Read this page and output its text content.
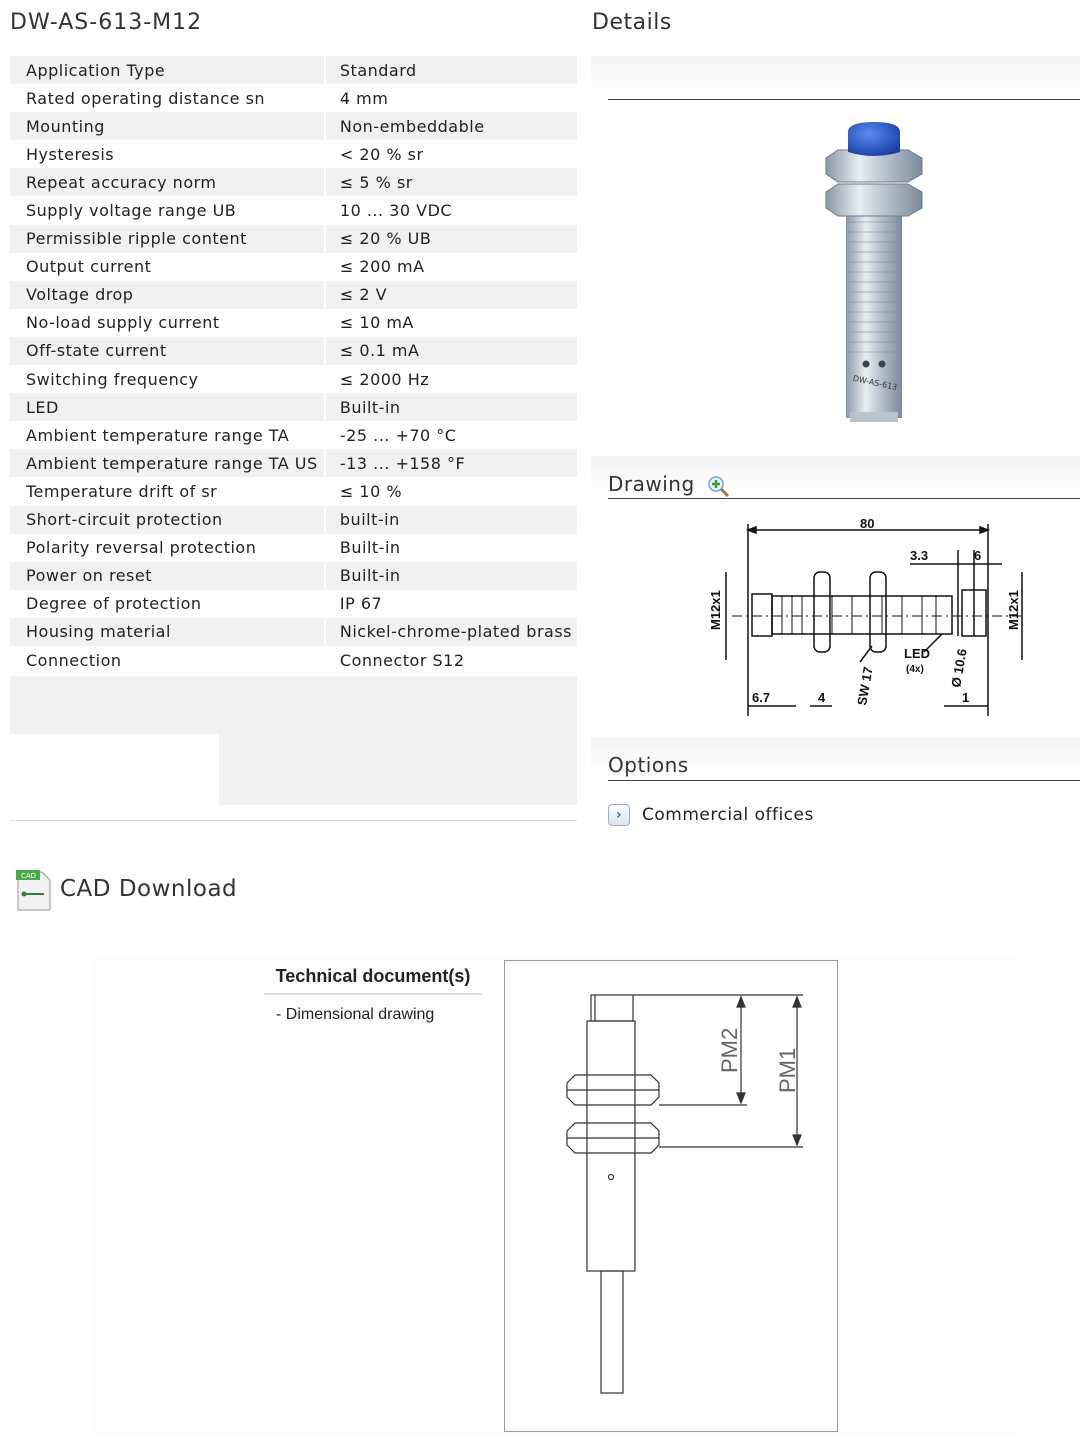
DW-AS-613-M12
Application Type	Standard
Rated operating distance sn	4 mm
Mounting	Non-embeddable
Hysteresis	< 20 % sr
Repeat accuracy norm	≤ 5 % sr
Supply voltage range UB	10 ... 30 VDC
Permissible ripple content	≤ 20 % UB
Output current	≤ 200 mA
Voltage drop	≤ 2 V
No-load supply current	≤ 10 mA
Off-state current	≤ 0.1 mA
Switching frequency	≤ 2000 Hz
LED	Built-in
Ambient temperature range TA	-25 ... +70 °C
Ambient temperature range TA US	-13 ... +158 °F
Temperature drift of sr	≤ 10 %
Short-circuit protection	built-in
Polarity reversal protection	Built-in
Power on reset	Built-in
Degree of protection	IP 67
Housing material	Nickel-chrome-plated brass
Connection	Connector S12
Details
DW-AS-613
Drawing
80
3.3	6
M12x1	M12x1
6.7	4 SW 17
LED
(4x) Ø 10.6
1
Options
›	Commercial offices
CAD CAD Download
Technical document(s)
- Dimensional drawing
PM2 PM1
